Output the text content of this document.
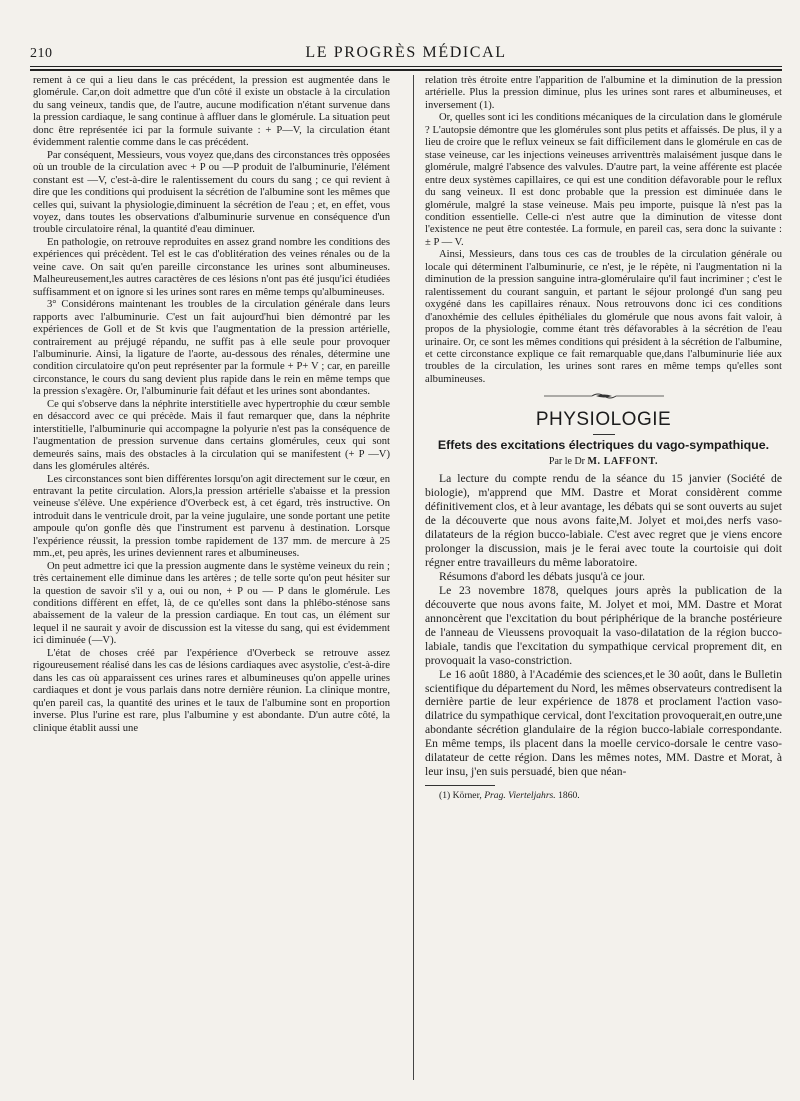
210	LE PROGRÈS MÉDICAL

rement à ce qui a lieu dans le cas précédent, la pression est augmentée dans le glomérule. Car,on doit admettre que d'un côté il existe un obstacle à la circulation du sang veineux, tandis que, de l'autre, aucune modification n'étant survenue dans la pression cardiaque, le sang continue à affluer dans le glomérule. La situation peut donc être représentée ici par la formule suivante : + P—V, la circulation étant évidemment ralentie comme dans le cas précédent.

Par conséquent, Messieurs, vous voyez que,dans des circonstances très opposées où un trouble de la circulation avec + P ou —P produit de l'albuminurie, l'élément constant est —V, c'est-à-dire le ralentissement du cours du sang ; ce qui revient à dire que les conditions qui produisent la sécrétion de l'albumine sont les mêmes que celles qui, suivant la physiologie,diminuent la sécrétion de l'eau ; et, en effet, vous voyez, dans toutes les observations d'albuminurie survenue en conséquence d'un trouble circulatoire rénal, la quantité d'eau diminuer.

En pathologie, on retrouve reproduites en assez grand nombre les conditions des expériences qui précèdent. Tel est le cas d'oblitération des veines rénales ou de la veine cave. On sait qu'en pareille circonstance les urines sont albumineuses. Malheureusement,les autres caractères de ces lésions n'ont pas été jusqu'ici étudiées suffisamment et on ignore si les urines sont rares en même temps qu'albumineuses.

3° Considérons maintenant les troubles de la circulation générale dans leurs rapports avec l'albuminurie. C'est un fait aujourd'hui bien démontré par les expériences de Goll et de St kvis que l'augmentation de la pression artérielle, contrairement au préjugé répandu, ne suffit pas à elle seule pour provoquer l'albuminurie. Ainsi, la ligature de l'aorte, au-dessous des rénales, détermine une condition circulatoire qu'on peut représenter par la formule + P+ V ; car, en pareille circonstance, le cours du sang devient plus rapide dans le rein en même temps que la pression s'exagère. Or, l'albuminurie fait défaut et les urines sont abondantes.

Ce qui s'observe dans la néphrite interstitielle avec hypertrophie du cœur semble en désaccord avec ce qui précède. Mais il faut remarquer que, dans la néphrite interstitielle, l'albuminurie qui accompagne la polyurie n'est pas la conséquence de l'augmentation de pression survenue dans certains glomérules, ceux qui sont demeurés sains, mais des obstacles à la circulation qui se manifestent (+ P —V) dans les glomérules altérés.

Les circonstances sont bien différentes lorsqu'on agit directement sur le cœur, en entravant la petite circulation. Alors,la pression artérielle s'abaisse et la pression veineuse s'élève. Une expérience d'Overbeck est, à cet égard, très instructive. On introduit dans le ventricule droit, par la veine jugulaire, une sonde portant une petite ampoule qu'on gonfle dès que l'instrument est parvenu à destination. Lorsque l'expérience réussit, la pression tombe rapidement de 137 mm. de mercure à 25 mm.,et, peu après, les urines deviennent rares et albumineuses.

On peut admettre ici que la pression augmente dans le système veineux du rein ; très certainement elle diminue dans les artères ; de telle sorte qu'on peut hésiter sur la question de savoir s'il y a, oui ou non, + P ou — P dans le glomérule. Les conditions diffèrent en effet, là, de ce qu'elles sont dans la phlébo-sténose sans abaissement de la valeur de la pression cardiaque. En tout cas, un élément sur lequel il ne saurait y avoir de discussion est la vitesse du sang, qui est évidemment ici diminuée (—V).

L'état de choses créé par l'expérience d'Overbeck se retrouve assez rigoureusement réalisé dans les cas de lésions cardiaques avec asystolie, c'est-à-dire dans les cas où apparaissent ces urines rares et albumineuses qu'on appelle urines cardiaques et dont je vous parlais dans notre dernière réunion. La clinique montre, qu'en pareil cas, la quantité des urines et le taux de l'albumine sont en proportion inverse. Plus l'urine est rare, plus l'albumine y est abondante. D'un autre côté, la clinique établit aussi une

relation très étroite entre l'apparition de l'albumine et la diminution de la pression artérielle. Plus la pression diminue, plus les urines sont rares et albumineuses, et inversement (1).

Or, quelles sont ici les conditions mécaniques de la circulation dans le glomérule ? L'autopsie démontre que les glomérules sont plus petits et affaissés. De plus, il y a lieu de croire que le reflux veineux se fait difficilement dans le glomérule en cas de stase veineuse, car les injections veineuses arriventtrès malaisément jusque dans le glomérule, malgré l'absence des valvules. D'autre part, la veine afférente est placée entre deux systèmes capillaires, ce qui est une condition défavorable pour le reflux du sang veineux. Il est donc probable que la pression est diminuée dans le glomérule, malgré la stase veineuse. Mais peu importe, puisque là n'est pas la condition essentielle. Celle-ci n'est autre que la diminution de vitesse dont l'existence ne peut être contestée. La formule, en pareil cas, sera donc la suivante : ± P — V.

Ainsi, Messieurs, dans tous ces cas de troubles de la circulation générale ou locale qui déterminent l'albuminurie, ce n'est, je le répète, ni l'augmentation ni la diminution de la pression sanguine intra-glomérulaire qu'il faut incriminer ; c'est le ralentissement du courant sanguin, et partant le séjour prolongé d'un sang peu oxygéné dans les capillaires rénaux. Nous retrouvons donc ici ces conditions d'anoxhémie des cellules épithéliales du glomérule que nous avons fait valoir, à propos de la physiologie, comme étant très défavorables à la sécrétion de l'eau urinaire. Or, ce sont les mêmes conditions qui président à la sécrétion de l'albumine, et cette circonstance explique ce fait remarquable que,dans l'albuminurie liée aux troubles de la circulation, les urines sont rares en même temps qu'elles sont albumineuses.

PHYSIOLOGIE
Effets des excitations électriques du vago-sympathique.
Par le Dr M. LAFFONT.

La lecture du compte rendu de la séance du 15 janvier (Société de biologie), m'apprend que MM. Dastre et Morat considèrent comme définitivement clos, et à leur avantage, les débats qui se sont ouverts au sujet de la découverte que nous avons faite,M. Jolyet et moi,des nerfs vaso-dilatateurs de la région bucco-labiale. C'est avec regret que je viens encore prolonger la discussion, mais je le ferai avec toute la courtoisie qui doit régner entre travailleurs du même laboratoire.

Résumons d'abord les débats jusqu'à ce jour.

Le 23 novembre 1878, quelques jours après la publication de la découverte que nous avons faite, M. Jolyet et moi, MM. Dastre et Morat annoncèrent que l'excitation du bout périphérique de la branche postérieure de l'anneau de Vieussens provoquait la vaso-dilatation de la région bucco-labiale, tandis que l'excitation du sympathique cervical proprement dit, en provoquait la vaso-constriction.

Le 16 août 1880, à l'Académie des sciences,et le 30 août, dans le Bulletin scientifique du département du Nord, les mêmes observateurs contredisent la dernière partie de leur expérience de 1878 et proclament l'action vaso-dilatrice du sympathique cervical, dont l'excitation provoquerait,en outre,une abondante sécrétion glandulaire de la région bucco-labiale correspondante. En même temps, ils placent dans la moelle cervico-dorsale le centre vaso-dilatateur de cette région. Dans les mêmes notes, MM. Dastre et Morat, à leur insu, j'en suis persuadé, bien que néan-

(1) Körner, Prag. Vierteljahrs. 1860.
